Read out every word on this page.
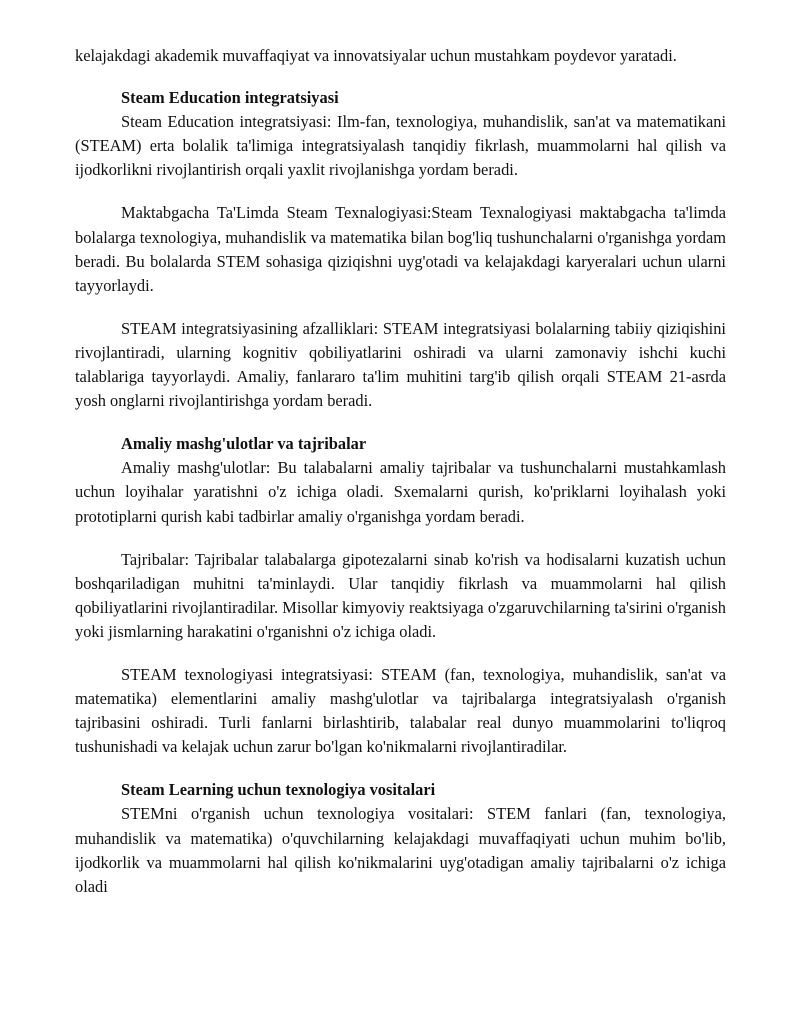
kelajakdagi akademik muvaffaqiyat va innovatsiyalar uchun mustahkam poydevor yaratadi.

Steam Education integratsiyasi

Steam Education integratsiyasi: Ilm-fan, texnologiya, muhandislik, san'at va matematikani (STEAM) erta bolalik ta'limiga integratsiyalash tanqidiy fikrlash, muammolarni hal qilish va ijodkorlikni rivojlantirish orqali yaxlit rivojlanishga yordam beradi.

Maktabgacha Ta'Limda Steam Texnalogiyasi:Steam Texnalogiyasi maktabgacha ta'limda bolalarga texnologiya, muhandislik va matematika bilan bog'liq tushunchalarni o'rganishga yordam beradi. Bu bolalarda STEM sohasiga qiziqishni uyg'otadi va kelajakdagi karyeralari uchun ularni tayyorlaydi.

STEAM integratsiyasining afzalliklari: STEAM integratsiyasi bolalarning tabiiy qiziqishini rivojlantiradi, ularning kognitiv qobiliyatlarini oshiradi va ularni zamonaviy ishchi kuchi talablariga tayyorlaydi. Amaliy, fanlararo ta'lim muhitini targ'ib qilish orqali STEAM 21-asrda yosh onglarni rivojlantirishga yordam beradi.

Amaliy mashg'ulotlar va tajribalar

Amaliy mashg'ulotlar: Bu talabalarni amaliy tajribalar va tushunchalarni mustahkamlash uchun loyihalar yaratishni o'z ichiga oladi. Sxemalarni qurish, ko'priklarni loyihalash yoki prototiplarni qurish kabi tadbirlar amaliy o'rganishga yordam beradi.

Tajribalar: Tajribalar talabalarga gipotezalarni sinab ko'rish va hodisalarni kuzatish uchun boshqariladigan muhitni ta'minlaydi. Ular tanqidiy fikrlash va muammolarni hal qilish qobiliyatlarini rivojlantiradilar. Misollar kimyoviy reaktsiyaga o'zgaruvchilarning ta'sirini o'rganish yoki jismlarning harakatini o'rganishni o'z ichiga oladi.

STEAM texnologiyasi integratsiyasi: STEAM (fan, texnologiya, muhandislik, san'at va matematika) elementlarini amaliy mashg'ulotlar va tajribalarga integratsiyalash o'rganish tajribasini oshiradi. Turli fanlarni birlashtirib, talabalar real dunyo muammolarini to'liqroq tushunishadi va kelajak uchun zarur bo'lgan ko'nikmalarni rivojlantiradilar.

Steam Learning uchun texnologiya vositalari

STEMni o'rganish uchun texnologiya vositalari: STEM fanlari (fan, texnologiya, muhandislik va matematika) o'quvchilarning kelajakdagi muvaffaqiyati uchun muhim bo'lib, ijodkorlik va muammolarni hal qilish ko'nikmalarini uyg'otadigan amaliy tajribalarni o'z ichiga oladi
